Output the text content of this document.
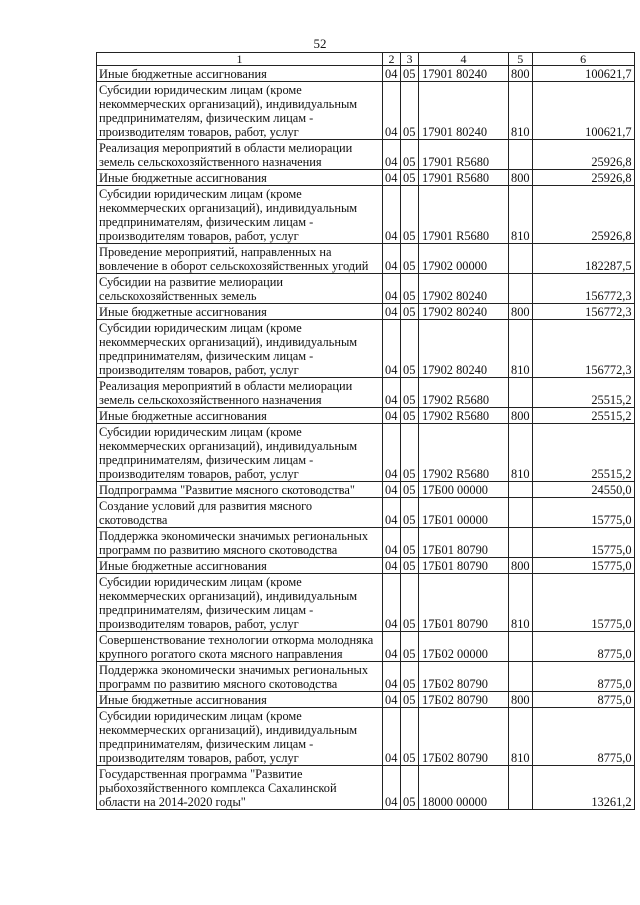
52
1	2	3	4	5	6
Иные бюджетные ассигнования	04	05	17901 80240	800	100621,7
Субсидии юридическим лицам (кроме некоммерческих организаций), индивидуальным предпринимателям, физическим лицам - производителям товаров, работ, услуг	04	05	17901 80240	810	100621,7
Реализация мероприятий в области мелиорации земель сельскохозяйственного назначения	04	05	17901 R5680		25926,8
Иные бюджетные ассигнования	04	05	17901 R5680	800	25926,8
Субсидии юридическим лицам (кроме некоммерческих организаций), индивидуальным предпринимателям, физическим лицам - производителям товаров, работ, услуг	04	05	17901 R5680	810	25926,8
Проведение мероприятий, направленных на вовлечение в оборот сельскохозяйственных угодий	04	05	17902 00000		182287,5
Субсидии на развитие мелиорации сельскохозяйственных земель	04	05	17902 80240		156772,3
Иные бюджетные ассигнования	04	05	17902 80240	800	156772,3
Субсидии юридическим лицам (кроме некоммерческих организаций), индивидуальным предпринимателям, физическим лицам - производителям товаров, работ, услуг	04	05	17902 80240	810	156772,3
Реализация мероприятий в области мелиорации земель сельскохозяйственного назначения	04	05	17902 R5680		25515,2
Иные бюджетные ассигнования	04	05	17902 R5680	800	25515,2
Субсидии юридическим лицам (кроме некоммерческих организаций), индивидуальным предпринимателям, физическим лицам - производителям товаров, работ, услуг	04	05	17902 R5680	810	25515,2
Подпрограмма "Развитие мясного скотоводства"	04	05	17Б00 00000		24550,0
Создание условий для развития мясного скотоводства	04	05	17Б01 00000		15775,0
Поддержка экономически значимых региональных программ по развитию мясного скотоводства	04	05	17Б01 80790		15775,0
Иные бюджетные ассигнования	04	05	17Б01 80790	800	15775,0
Субсидии юридическим лицам (кроме некоммерческих организаций), индивидуальным предпринимателям, физическим лицам - производителям товаров, работ, услуг	04	05	17Б01 80790	810	15775,0
Совершенствование технологии откорма молодняка крупного рогатого скота мясного направления	04	05	17Б02 00000		8775,0
Поддержка экономически значимых региональных программ по развитию мясного скотоводства	04	05	17Б02 80790		8775,0
Иные бюджетные ассигнования	04	05	17Б02 80790	800	8775,0
Субсидии юридическим лицам (кроме некоммерческих организаций), индивидуальным предпринимателям, физическим лицам - производителям товаров, работ, услуг	04	05	17Б02 80790	810	8775,0
Государственная программа "Развитие рыбохозяйственного комплекса Сахалинской области на 2014-2020 годы"	04	05	18000 00000		13261,2
